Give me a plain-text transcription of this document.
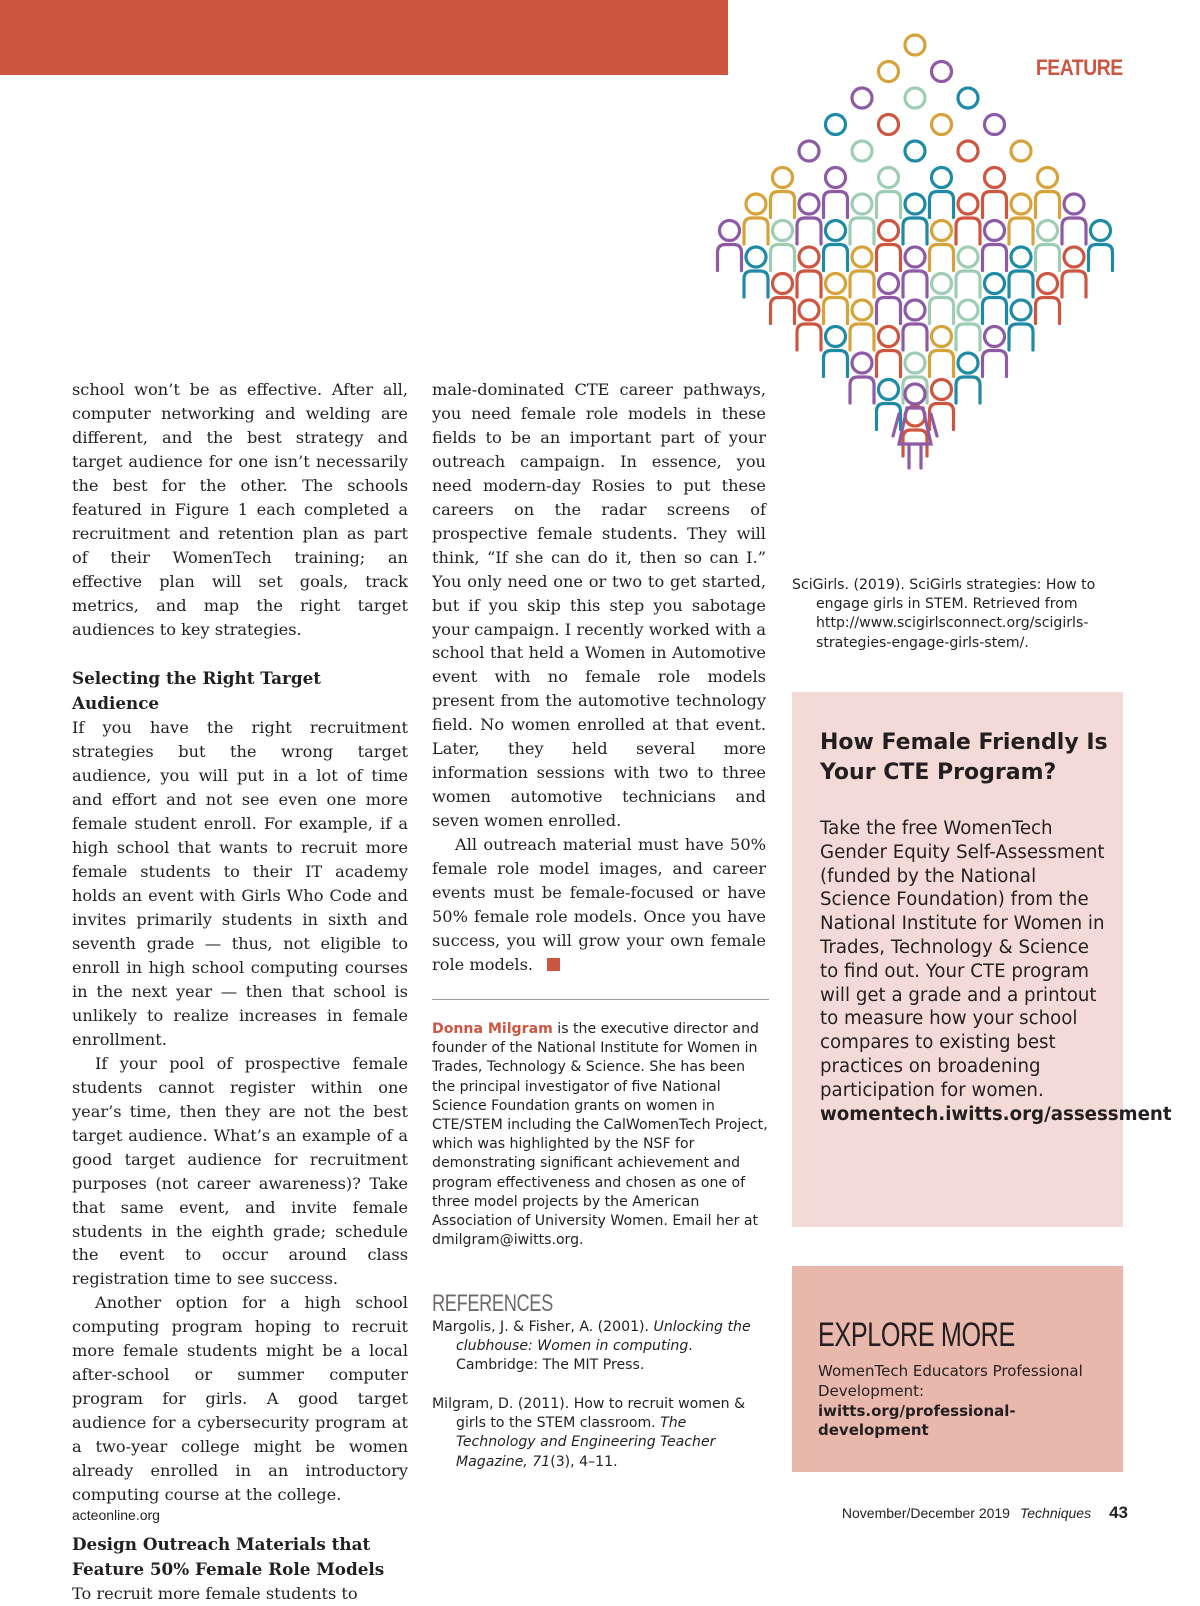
FEATURE

school won’t be as effective. After all, computer networking and welding are different, and the best strategy and target audience for one isn’t necessarily the best for the other. The schools featured in Figure 1 each completed a recruitment and retention plan as part of their WomenTech training; an effective plan will set goals, track metrics, and map the right target audiences to key strategies.

Selecting the Right Target Audience

If you have the right recruitment strategies but the wrong target audience, you will put in a lot of time and effort and not see even one more female student enroll. For example, if a high school that wants to recruit more female students to their IT academy holds an event with Girls Who Code and invites primarily students in sixth and seventh grade — thus, not eligible to enroll in high school computing courses in the next year — then that school is unlikely to realize increases in female enrollment.

If your pool of prospective female students cannot register within one year’s time, then they are not the best target audience. What’s an example of a good target audience for recruitment purposes (not career awareness)? Take that same event, and invite female students in the eighth grade; schedule the event to occur around class registration time to see success.

Another option for a high school computing program hoping to recruit more female students might be a local after-school or summer computer program for girls. A good target audience for a cybersecurity program at a two-year college might be women already enrolled in an introductory computing course at the college.

Design Outreach Materials that Feature 50% Female Role Models

To recruit more female students to

male-dominated CTE career pathways, you need female role models in these fields to be an important part of your outreach campaign. In essence, you need modern-day Rosies to put these careers on the radar screens of prospective female students. They will think, “If she can do it, then so can I.” You only need one or two to get started, but if you skip this step you sabotage your campaign. I recently worked with a school that held a Women in Automotive event with no female role models present from the automotive technology field. No women enrolled at that event. Later, they held several more information sessions with two to three women automotive technicians and seven women enrolled.

All outreach material must have 50% female role model images, and career events must be female-focused or have 50% female role models. Once you have success, you will grow your own female role models.

Donna Milgram is the executive director and founder of the National Institute for Women in Trades, Technology & Science. She has been the principal investigator of five National Science Foundation grants on women in CTE/STEM including the CalWomenTech Project, which was highlighted by the NSF for demonstrating significant achievement and program effectiveness and chosen as one of three model projects by the American Association of University Women. Email her at dmilgram@iwitts.org.
REFERENCES
Margolis, J. & Fisher, A. (2001). Unlocking the clubhouse: Women in computing. Cambridge: The MIT Press.
Milgram, D. (2011). How to recruit women & girls to the STEM classroom. The Technology and Engineering Teacher Magazine, 71(3), 4–11.
SciGirls. (2019). SciGirls strategies: How to engage girls in STEM. Retrieved from http://www.scigirlsconnect.org/scigirls-strategies-engage-girls-stem/.
How Female Friendly Is Your CTE Program?
Take the free WomenTech Gender Equity Self-Assessment (funded by the National Science Foundation) from the National Institute for Women in Trades, Technology & Science to find out. Your CTE program will get a grade and a printout to measure how your school compares to existing best practices on broadening participation for women. womentech.iwitts.org/assessment
EXPLORE MORE
WomenTech Educators Professional Development: iwitts.org/professional-development
acteonline.org	November/December 2019 Techniques 43
